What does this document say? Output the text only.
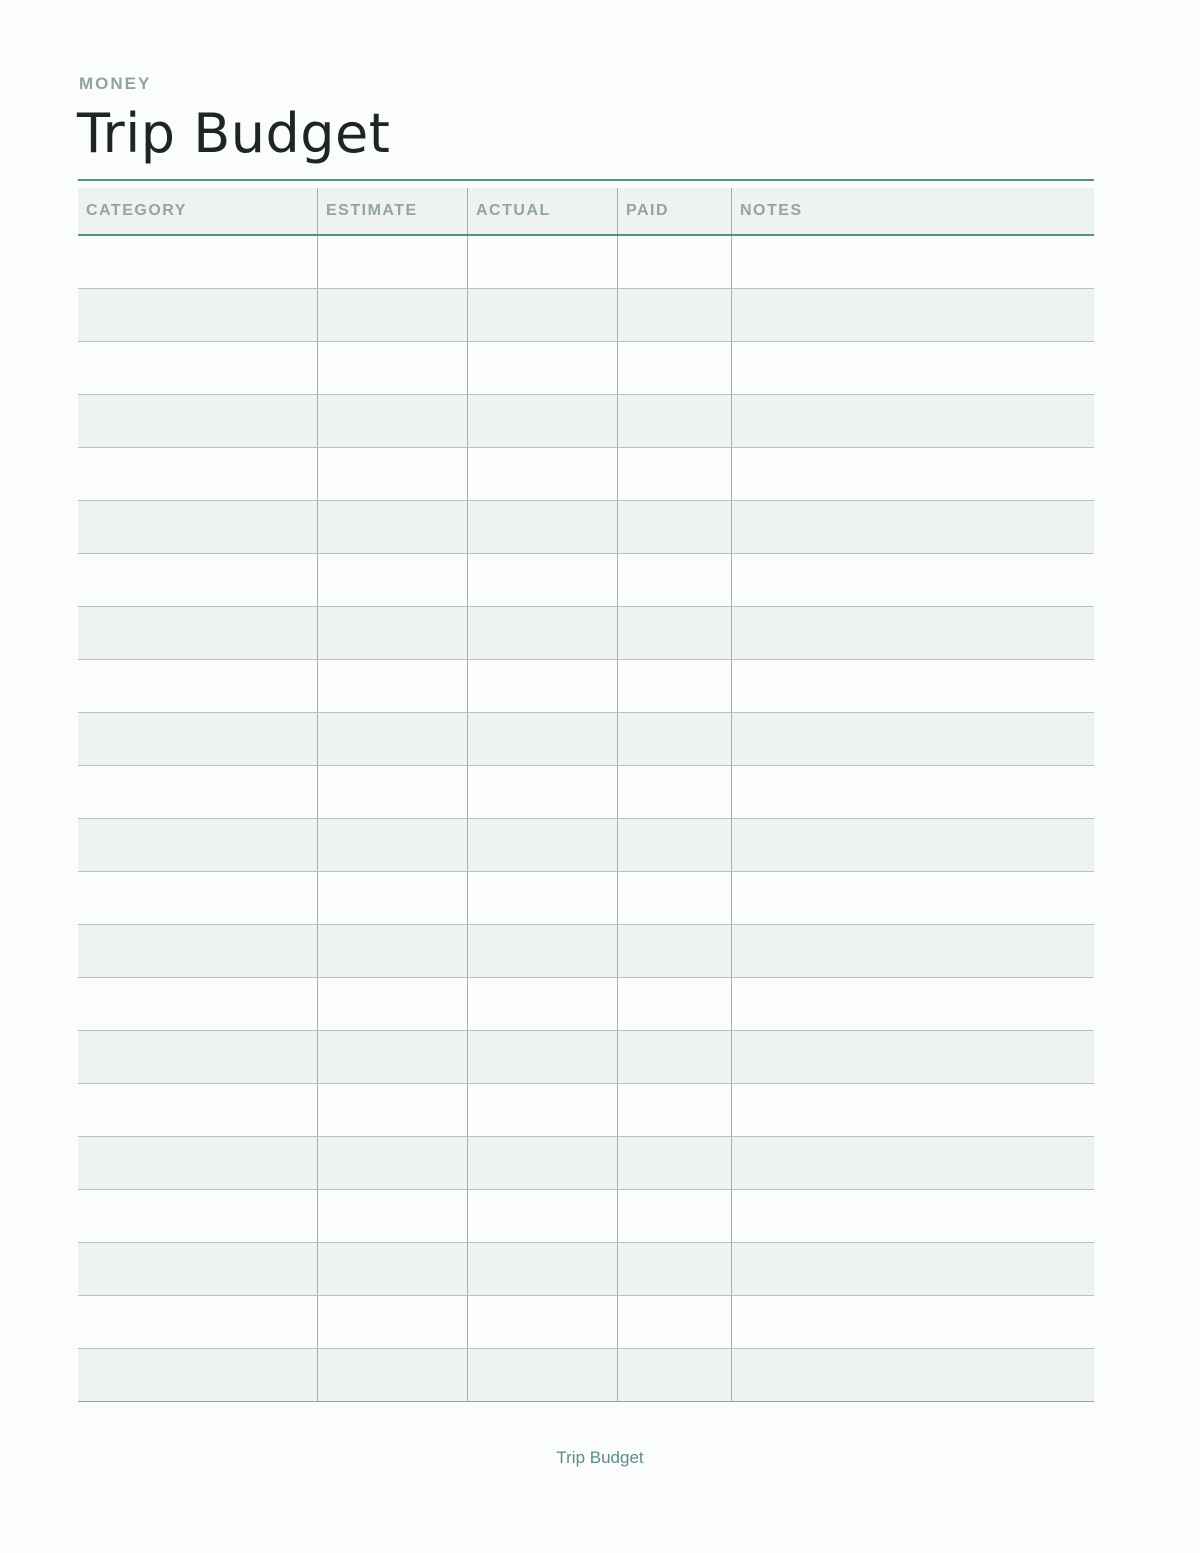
MONEY
Trip Budget
CATEGORY	ESTIMATE	ACTUAL	PAID	NOTES
Trip Budget
